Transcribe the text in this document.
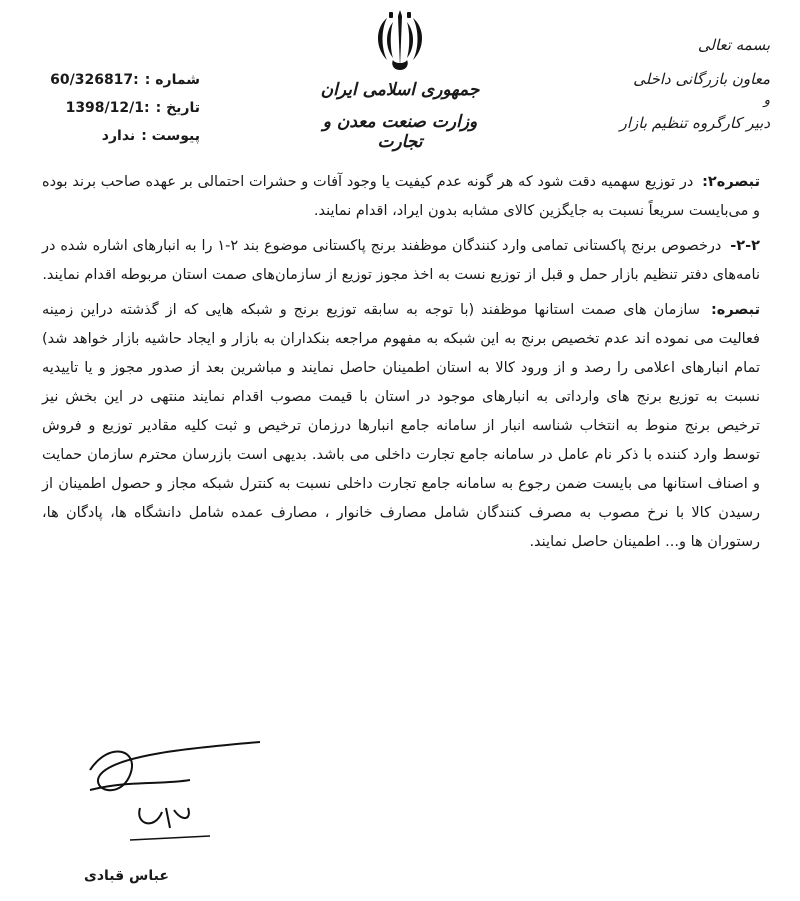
شماره :
60/326817:
تاریخ :
1398/12/1:
پیوست :
ندارد
جمهوری اسلامی ایران
وزارت صنعت معدن و تجارت
بسمه تعالی
معاون بازرگانی داخلی
و
دبیر کارگروه تنظیم بازار

تبصره۲: در توزیع سهمیه دقت شود که هر گونه عدم کیفیت یا وجود آفات و حشرات احتمالی بر عهده صاحب برند بوده و می‌بایست سریعاً نسبت به جایگزین کالای مشابه بدون ایراد، اقدام نمایند.

۲-۲- درخصوص برنج پاکستانی تمامی وارد کنندگان موظفند برنج پاکستانی موضوع بند ۲-۱ را به انبارهای اشاره شده در نامه‌های دفتر تنظیم بازار حمل و قبل از توزیع نست به اخذ مجوز توزیع از سازمان‌های صمت استان مربوطه اقدام نمایند.

تبصره: سازمان های صمت استانها موظفند (با توجه به سابقه توزیع برنج و شبکه هایی که از گذشته دراین زمینه فعالیت می نموده اند عدم تخصیص برنج به این شبکه به مفهوم مراجعه بنکداران به بازار و ایجاد حاشیه بازار خواهد شد) تمام انبارهای اعلامی را رصد و از ورود کالا به استان اطمینان حاصل نمایند و مباشرین بعد از صدور مجوز و یا تاییدیه نسبت به توزیع برنج های وارداتی به انبارهای موجود در استان با قیمت مصوب اقدام نمایند منتهی در این بخش نیز ترخیص برنج منوط به انتخاب شناسه انبار از سامانه جامع انبارها درزمان ترخیص و ثبت کلیه مقادیر توزیع و فروش توسط وارد کننده با ذکر نام عامل در سامانه جامع تجارت داخلی می باشد. بدیهی است بازرسان محترم سازمان حمایت و اصناف استانها می بایست ضمن رجوع به سامانه جامع تجارت داخلی نسبت به کنترل شبکه مجاز و حصول اطمینان از رسیدن کالا با نرخ مصوب به مصرف کنندگان شامل مصارف خانوار ، مصارف عمده شامل دانشگاه ها، پادگان ها، رستوران ها و... اطمینان حاصل نمایند.

عباس قبادی
